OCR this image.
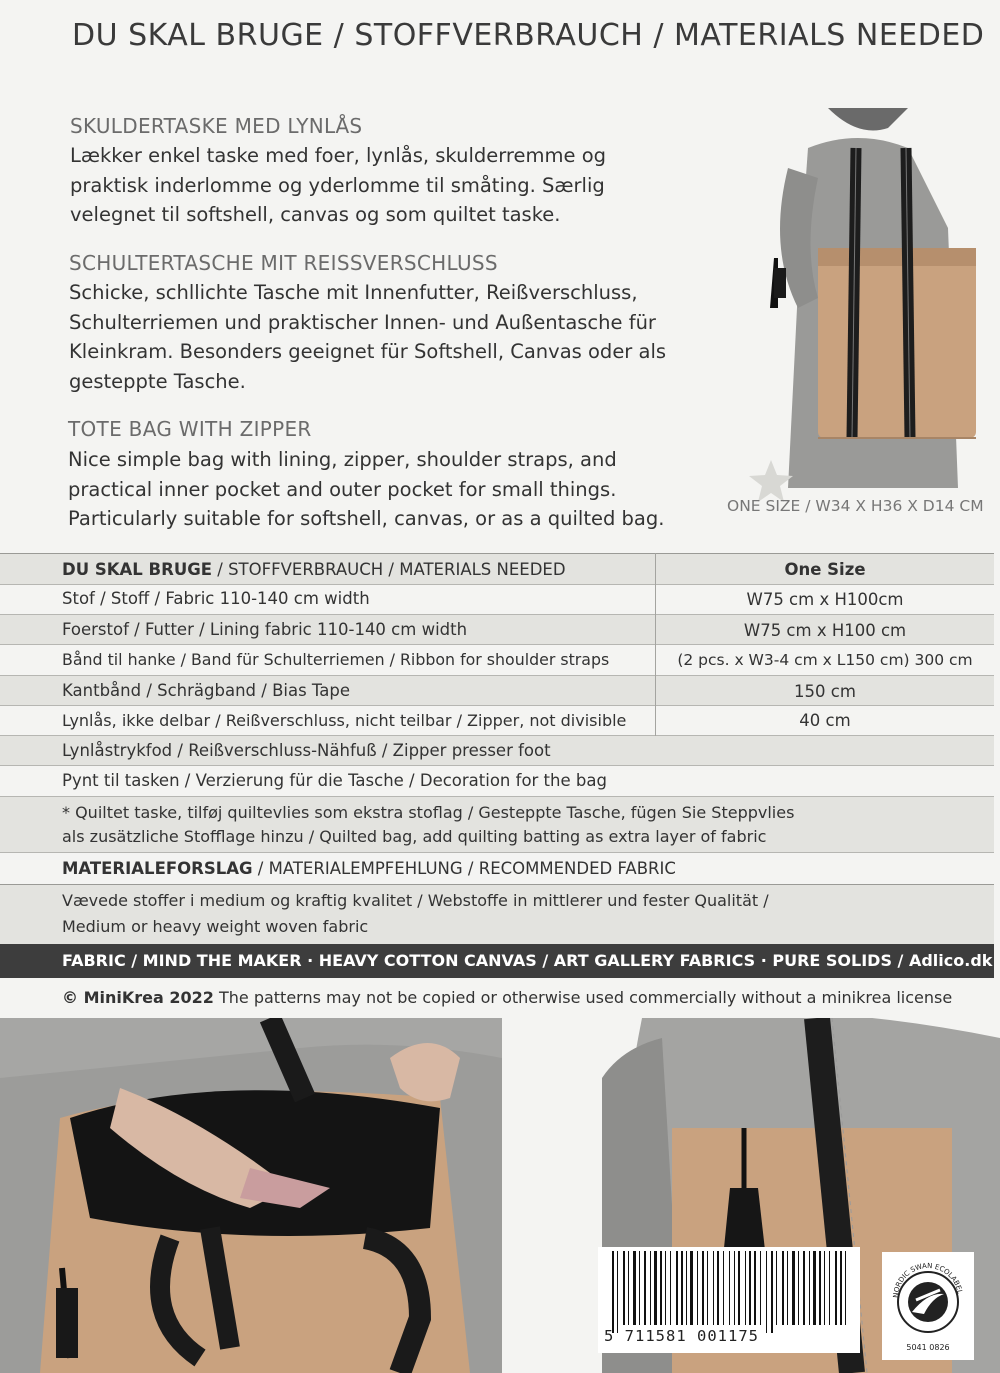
DU SKAL BRUGE / STOFFVERBRAUCH / MATERIALS NEEDED
SKULDERTASKE MED LYNLÅS
Lækker enkel taske med foer, lynlås, skulderremme og
praktisk inderlomme og yderlomme til småting. Særlig
velegnet til softshell, canvas og som quiltet taske.
SCHULTERTASCHE MIT REISSVERSCHLUSS
Schicke, schllichte Tasche mit Innenfutter, Reißverschluss,
Schulterriemen und praktischer Innen- und Außentasche für
Kleinkram. Besonders geeignet für Softshell, Canvas oder als
gesteppte Tasche.
TOTE BAG WITH ZIPPER
Nice simple bag with lining, zipper, shoulder straps, and
practical inner pocket and outer pocket for small things.
Particularly suitable for softshell, canvas, or as a quilted bag.
ONE SIZE / W34 X H36 X D14 CM
DU SKAL BRUGE / STOFFVERBRAUCH / MATERIALS NEEDED	One Size
Stof / Stoff / Fabric 110-140 cm width	W75 cm x H100cm
Foerstof / Futter / Lining fabric 110-140 cm width	W75 cm x H100 cm
Bånd til hanke / Band für Schulterriemen / Ribbon for shoulder straps	(2 pcs. x W3-4 cm x L150 cm) 300 cm
Kantbånd / Schrägband / Bias Tape	150 cm
Lynlås, ikke delbar / Reißverschluss, nicht teilbar / Zipper, not divisible	40 cm
Lynlåstrykfod / Reißverschluss-Nähfuß / Zipper presser foot
Pynt til tasken / Verzierung für die Tasche / Decoration for the bag
* Quiltet taske, tilføj quiltevlies som ekstra stoflag / Gesteppte Tasche, fügen Sie Steppvlies
als zusätzliche Stofflage hinzu / Quilted bag, add quilting batting as extra layer of fabric
MATERIALEFORSLAG / MATERIALEMPFEHLUNG / RECOMMENDED FABRIC
Vævede stoffer i medium og kraftig kvalitet / Webstoffe in mittlerer und fester Qualität /
Medium or heavy weight woven fabric
FABRIC / MIND THE MAKER · HEAVY COTTON CANVAS / ART GALLERY FABRICS · PURE SOLIDS / Adlico.dk
© MiniKrea 2022 The patterns may not be copied or otherwise used commercially without a minikrea license
5 711581 001175
NORDIC SWAN ECOLABEL
5041 0826
